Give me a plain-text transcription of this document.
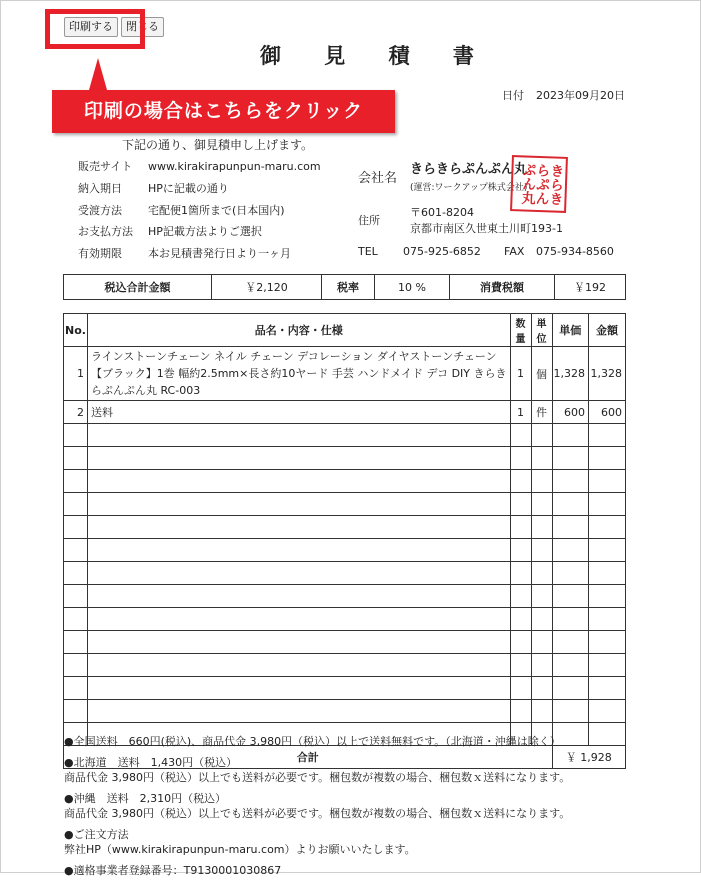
印刷する	閉じる
印刷の場合はこちらをクリック
御 見 積 書
日付 2023年09月20日
下記の通り、御見積申し上げます。
販売サイト www.kirakirapunpun-maru.com
納入期日 HPに記載の通り
受渡方法 宅配便1箇所まで(日本国内)
お支払方法 HP記載方法よりご選択
有効期限 本お見積書発行日より一ヶ月
会社名
きらきらぷんぷん丸
(運営:ワークアップ株式会社)
住所
〒601-8204
京都市南区久世東土川町193-1
TEL 075-925-6852 FAX 075-934-8560
きらきらぷんぷん丸
税込合計金額	￥2,120	税率	10 %	消費税額	￥192
No.	品名・内容・仕様	数量	単位	単価	金額
1	ラインストーンチェーン ネイル チェーン デコレーション ダイヤストーンチェーン【ブラック】1巻 幅約2.5mm×長さ約10ヤード 手芸 ハンドメイド デコ DIY きらきらぷんぷん丸 RC-003	1	個	1,328	1,328
2	送料	1	件	600	600

合計				￥ 1,928	

●全国送料　660円(税込)、商品代金 3,980円（税込）以上で送料無料です。（北海道・沖縄は除く）

●北海道　送料　1,430円（税込）
商品代金 3,980円（税込）以上でも送料が必要です。梱包数が複数の場合、梱包数ｘ送料になります。

●沖縄　送料　2,310円（税込）
商品代金 3,980円（税込）以上でも送料が必要です。梱包数が複数の場合、梱包数ｘ送料になります。

●ご注文方法
弊社HP（www.kirakirapunpun-maru.com）よりお願いいたします。

●適格事業者登録番号：T9130001030867
